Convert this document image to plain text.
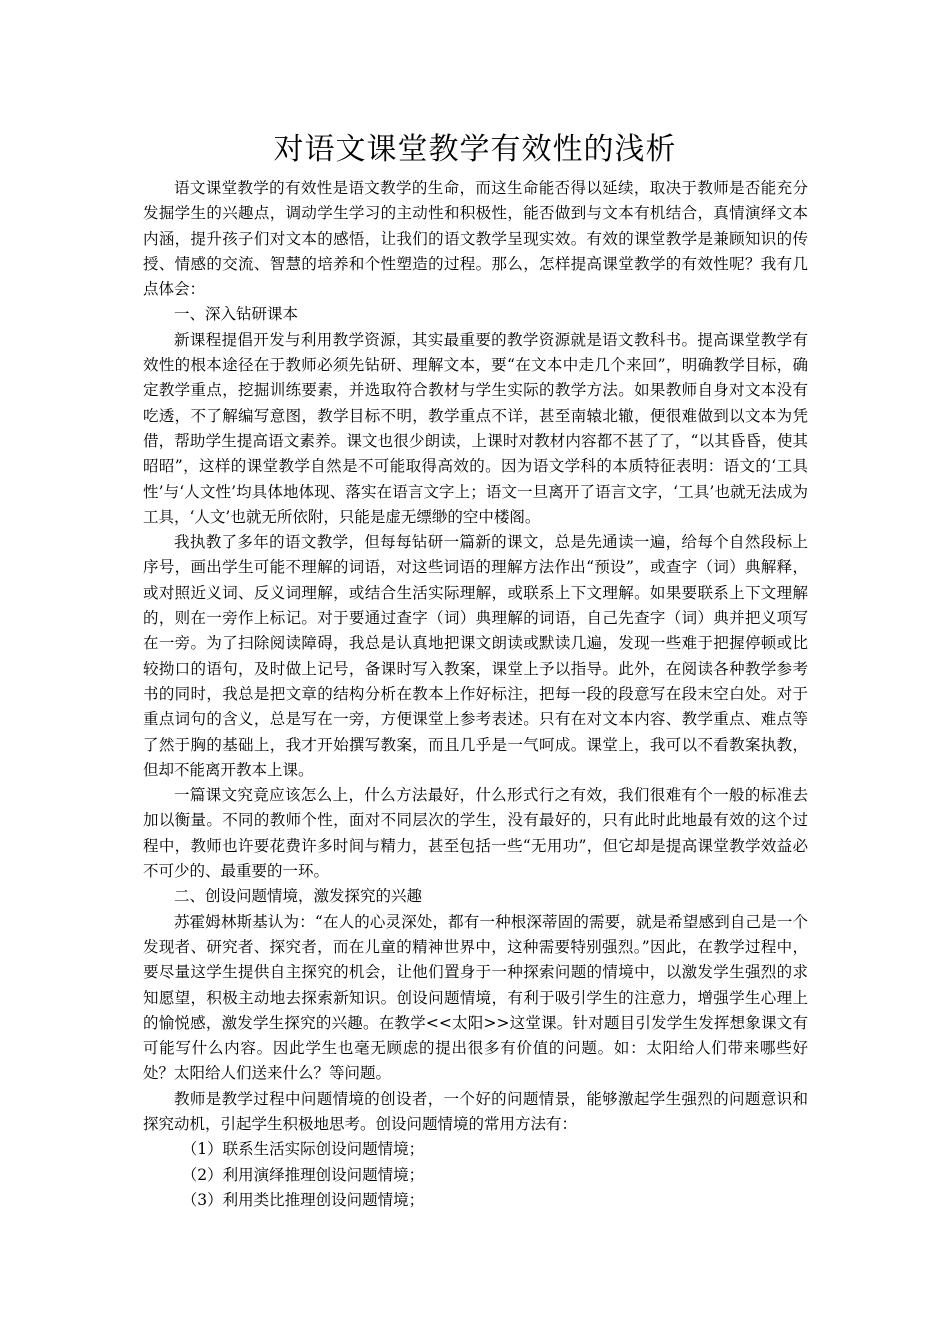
对语文课堂教学有效性的浅析

语文课堂教学的有效性是语文教学的生命，而这生命能否得以延续，取决于教师是否能充分发掘学生的兴趣点，调动学生学习的主动性和积极性，能否做到与文本有机结合，真情演绎文本内涵，提升孩子们对文本的感悟，让我们的语文教学呈现实效。有效的课堂教学是兼顾知识的传授、情感的交流、智慧的培养和个性塑造的过程。那么，怎样提高课堂教学的有效性呢？我有几点体会：

一、深入钻研课本

新课程提倡开发与利用教学资源，其实最重要的教学资源就是语文教科书。提高课堂教学有效性的根本途径在于教师必须先钻研、理解文本，要“在文本中走几个来回”，明确教学目标，确定教学重点，挖掘训练要素，并选取符合教材与学生实际的教学方法。如果教师自身对文本没有吃透，不了解编写意图，教学目标不明，教学重点不详，甚至南辕北辙，便很难做到以文本为凭借，帮助学生提高语文素养。课文也很少朗读，上课时对教材内容都不甚了了，“以其昏昏，使其昭昭”，这样的课堂教学自然是不可能取得高效的。因为语文学科的本质特征表明：语文的‘工具性’与‘人文性’均具体地体现、落实在语言文字上；语文一旦离开了语言文字，‘工具’也就无法成为工具，‘人文’也就无所依附，只能是虚无缥缈的空中楼阁。

我执教了多年的语文教学，但每每钻研一篇新的课文，总是先通读一遍，给每个自然段标上序号，画出学生可能不理解的词语，对这些词语的理解方法作出“预设”，或查字（词）典解释，或对照近义词、反义词理解，或结合生活实际理解，或联系上下文理解。如果要联系上下文理解的，则在一旁作上标记。对于要通过查字（词）典理解的词语，自己先查字（词）典并把义项写在一旁。为了扫除阅读障碍，我总是认真地把课文朗读或默读几遍，发现一些难于把握停顿或比较拗口的语句，及时做上记号，备课时写入教案，课堂上予以指导。此外，在阅读各种教学参考书的同时，我总是把文章的结构分析在教本上作好标注，把每一段的段意写在段末空白处。对于重点词句的含义，总是写在一旁，方便课堂上参考表述。只有在对文本内容、教学重点、难点等了然于胸的基础上，我才开始撰写教案，而且几乎是一气呵成。课堂上，我可以不看教案执教，但却不能离开教本上课。

一篇课文究竟应该怎么上，什么方法最好，什么形式行之有效，我们很难有个一般的标准去加以衡量。不同的教师个性，面对不同层次的学生，没有最好的，只有此时此地最有效的这个过程中，教师也许要花费许多时间与精力，甚至包括一些“无用功”，但它却是提高课堂教学效益必不可少的、最重要的一环。

二、创设问题情境，激发探究的兴趣

苏霍姆林斯基认为：“在人的心灵深处，都有一种根深蒂固的需要，就是希望感到自己是一个发现者、研究者、探究者，而在儿童的精神世界中，这种需要特别强烈。”因此，在教学过程中，要尽量这学生提供自主探究的机会，让他们置身于一种探索问题的情境中，以激发学生强烈的求知愿望，积极主动地去探索新知识。创设问题情境，有利于吸引学生的注意力，增强学生心理上的愉悦感，激发学生探究的兴趣。在教学<<太阳>>这堂课。针对题目引发学生发挥想象课文有可能写什么内容。因此学生也毫无顾虑的提出很多有价值的问题。如：太阳给人们带来哪些好处？太阳给人们送来什么？等问题。

教师是教学过程中问题情境的创设者，一个好的问题情景，能够激起学生强烈的问题意识和探究动机，引起学生积极地思考。创设问题情境的常用方法有：

（1）联系生活实际创设问题情境；

（2）利用演绎推理创设问题情境；

（3）利用类比推理创设问题情境；
